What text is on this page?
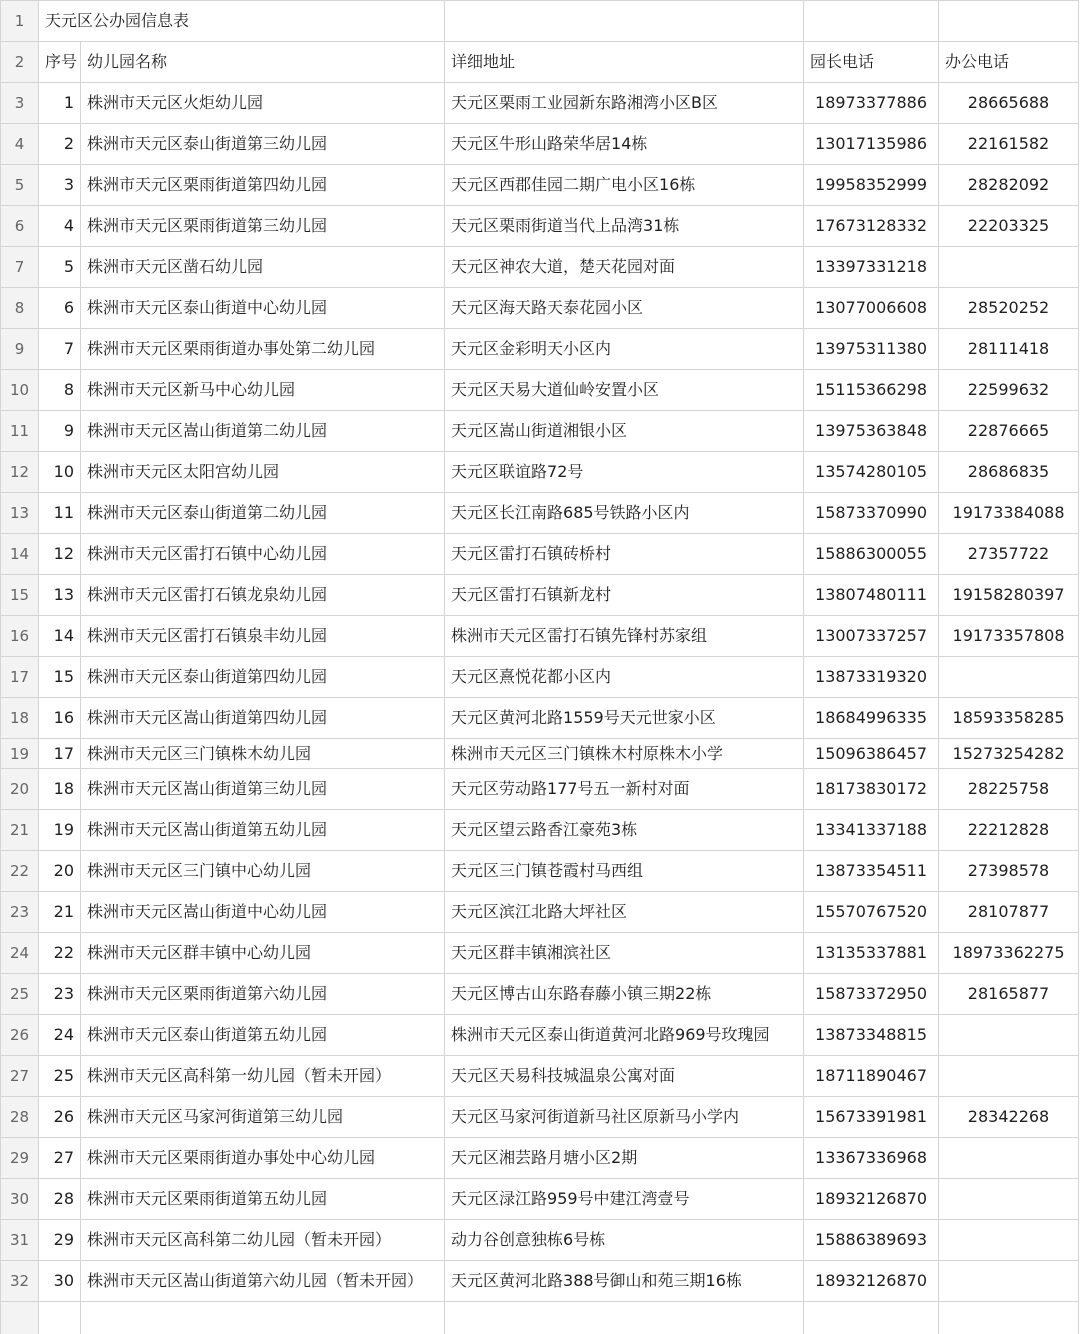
1	天元区公办园信息表				
2	序号	幼儿园名称	详细地址	园长电话	办公电话
3	1	株洲市天元区火炬幼儿园	天元区栗雨工业园新东路湘湾小区B区	18973377886	28665688
4	2	株洲市天元区泰山街道第三幼儿园	天元区牛形山路荣华居14栋	13017135986	22161582
5	3	株洲市天元区栗雨街道第四幼儿园	天元区西郡佳园二期广电小区16栋	19958352999	28282092
6	4	株洲市天元区栗雨街道第三幼儿园	天元区栗雨街道当代上品湾31栋	17673128332	22203325
7	5	株洲市天元区凿石幼儿园	天元区神农大道，楚天花园对面	13397331218	
8	6	株洲市天元区泰山街道中心幼儿园	天元区海天路天泰花园小区	13077006608	28520252
9	7	株洲市天元区栗雨街道办事处第二幼儿园	天元区金彩明天小区内	13975311380	28111418
10	8	株洲市天元区新马中心幼儿园	天元区天易大道仙岭安置小区	15115366298	22599632
11	9	株洲市天元区嵩山街道第二幼儿园	天元区嵩山街道湘银小区	13975363848	22876665
12	10	株洲市天元区太阳宫幼儿园	天元区联谊路72号	13574280105	28686835
13	11	株洲市天元区泰山街道第二幼儿园	天元区长江南路685号铁路小区内	15873370990	19173384088
14	12	株洲市天元区雷打石镇中心幼儿园	天元区雷打石镇砖桥村	15886300055	27357722
15	13	株洲市天元区雷打石镇龙泉幼儿园	天元区雷打石镇新龙村	13807480111	19158280397
16	14	株洲市天元区雷打石镇泉丰幼儿园	株洲市天元区雷打石镇先锋村苏家组	13007337257	19173357808
17	15	株洲市天元区泰山街道第四幼儿园	天元区熹悦花都小区内	13873319320	
18	16	株洲市天元区嵩山街道第四幼儿园	天元区黄河北路1559号天元世家小区	18684996335	18593358285
19	17	株洲市天元区三门镇株木幼儿园	株洲市天元区三门镇株木村原株木小学	15096386457	15273254282
20	18	株洲市天元区嵩山街道第三幼儿园	天元区劳动路177号五一新村对面	18173830172	28225758
21	19	株洲市天元区嵩山街道第五幼儿园	天元区望云路香江豪苑3栋	13341337188	22212828
22	20	株洲市天元区三门镇中心幼儿园	天元区三门镇苍霞村马西组	13873354511	27398578
23	21	株洲市天元区嵩山街道中心幼儿园	天元区滨江北路大坪社区	15570767520	28107877
24	22	株洲市天元区群丰镇中心幼儿园	天元区群丰镇湘滨社区	13135337881	18973362275
25	23	株洲市天元区栗雨街道第六幼儿园	天元区博古山东路春藤小镇三期22栋	15873372950	28165877
26	24	株洲市天元区泰山街道第五幼儿园	株洲市天元区泰山街道黄河北路969号玫瑰园	13873348815	
27	25	株洲市天元区高科第一幼儿园（暂未开园）	天元区天易科技城温泉公寓对面	18711890467	
28	26	株洲市天元区马家河街道第三幼儿园	天元区马家河街道新马社区原新马小学内	15673391981	28342268
29	27	株洲市天元区栗雨街道办事处中心幼儿园	天元区湘芸路月塘小区2期	13367336968	
30	28	株洲市天元区栗雨街道第五幼儿园	天元区渌江路959号中建江湾壹号	18932126870	
31	29	株洲市天元区高科第二幼儿园（暂未开园）	动力谷创意独栋6号栋	15886389693	
32	30	株洲市天元区嵩山街道第六幼儿园（暂未开园）	天元区黄河北路388号御山和苑三期16栋	18932126870	
